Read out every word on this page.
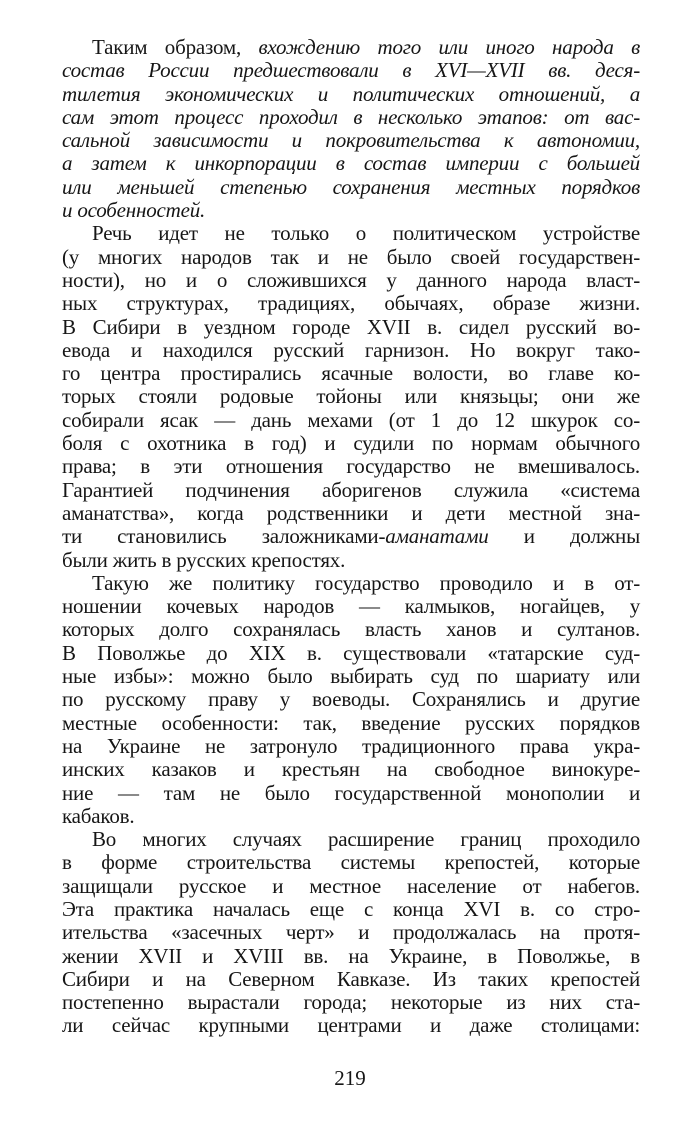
Таким образом, вхождению того или иного народа в
состав России предшествовали в XVI—XVII вв. деся-
тилетия экономических и политических отношений, а
сам этот процесс проходил в несколько этапов: от вас-
сальной зависимости и покровительства к автономии,
а затем к инкорпорации в состав империи с большей
или меньшей степенью сохранения местных порядков
и особенностей.
Речь идет не только о политическом устройстве
(у многих народов так и не было своей государствен-
ности), но и о сложившихся у данного народа власт-
ных структурах, традициях, обычаях, образе жизни.
В Сибири в уездном городе XVII в. сидел русский во-
евода и находился русский гарнизон. Но вокруг тако-
го центра простирались ясачные волости, во главе ко-
торых стояли родовые тойоны или князьцы; они же
собирали ясак — дань мехами (от 1 до 12 шкурок со-
боля с охотника в год) и судили по нормам обычного
права; в эти отношения государство не вмешивалось.
Гарантией подчинения аборигенов служила «система
аманатства», когда родственники и дети местной зна-
ти становились заложниками-аманатами и должны
были жить в русских крепостях.
Такую же политику государство проводило и в от-
ношении кочевых народов — калмыков, ногайцев, у
которых долго сохранялась власть ханов и султанов.
В Поволжье до XIX в. существовали «татарские суд-
ные избы»: можно было выбирать суд по шариату или
по русскому праву у воеводы. Сохранялись и другие
местные особенности: так, введение русских порядков
на Украине не затронуло традиционного права укра-
инских казаков и крестьян на свободное винокуре-
ние — там не было государственной монополии и
кабаков.
Во многих случаях расширение границ проходило
в форме строительства системы крепостей, которые
защищали русское и местное население от набегов.
Эта практика началась еще с конца XVI в. со стро-
ительства «засечных черт» и продолжалась на протя-
жении XVII и XVIII вв. на Украине, в Поволжье, в
Сибири и на Северном Кавказе. Из таких крепостей
постепенно вырастали города; некоторые из них ста-
ли сейчас крупными центрами и даже столицами:
219
